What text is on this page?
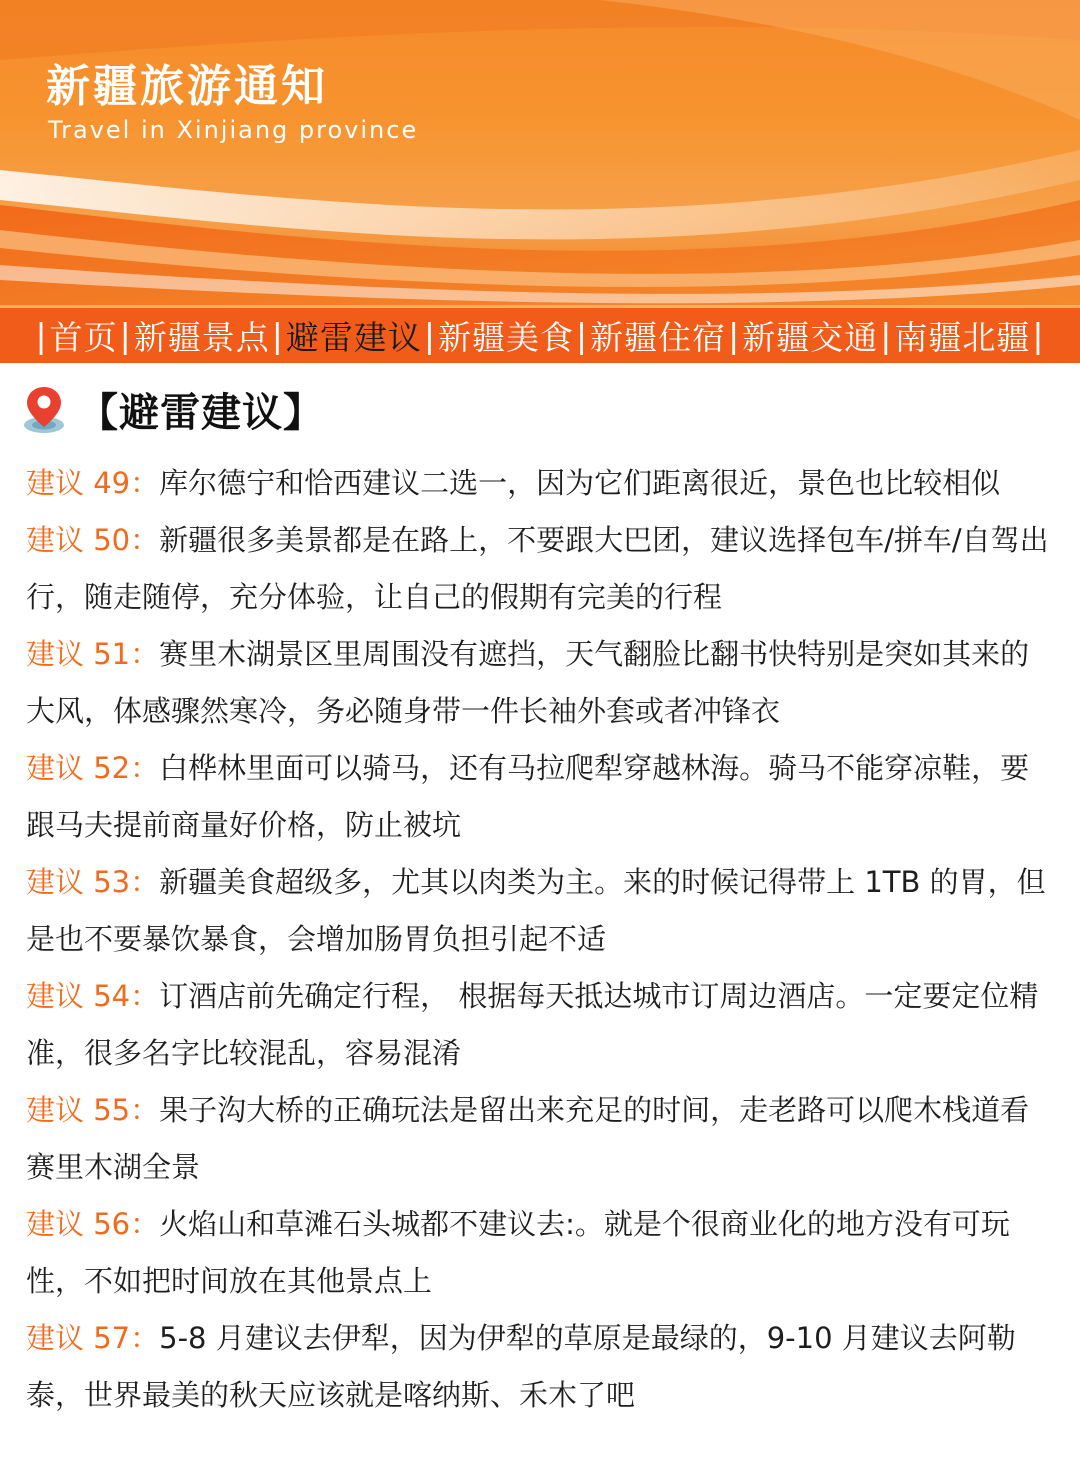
新疆旅游通知
Travel in Xinjiang province
| 首页 | 新疆景点 | 避雷建议 | 新疆美食 | 新疆住宿 | 新疆交通 | 南疆北疆 |
【避雷建议】

建议 49：库尔德宁和恰西建议二选一，因为它们距离很近，景色也比较相似

建议 50：新疆很多美景都是在路上，不要跟大巴团，建议选择包车/拼车/自驾出行，随走随停，充分体验，让自己的假期有完美的行程

建议 51：赛里木湖景区里周围没有遮挡，天气翻脸比翻书快特别是突如其来的大风，体感骤然寒冷，务必随身带一件长袖外套或者冲锋衣

建议 52：白桦林里面可以骑马，还有马拉爬犁穿越林海。骑马不能穿凉鞋，要跟马夫提前商量好价格，防止被坑

建议 53：新疆美食超级多，尤其以肉类为主。来的时候记得带上 1TB 的胃，但是也不要暴饮暴食，会增加肠胃负担引起不适

建议 54：订酒店前先确定行程， 根据每天抵达城市订周边酒店。一定要定位精准，很多名字比较混乱，容易混淆

建议 55：果子沟大桥的正确玩法是留出来充足的时间，走老路可以爬木栈道看赛里木湖全景

建议 56：火焰山和草滩石头城都不建议去:。就是个很商业化的地方没有可玩性，不如把时间放在其他景点上

建议 57：5-8 月建议去伊犁，因为伊犁的草原是最绿的，9-10 月建议去阿勒泰，世界最美的秋天应该就是喀纳斯、禾木了吧
